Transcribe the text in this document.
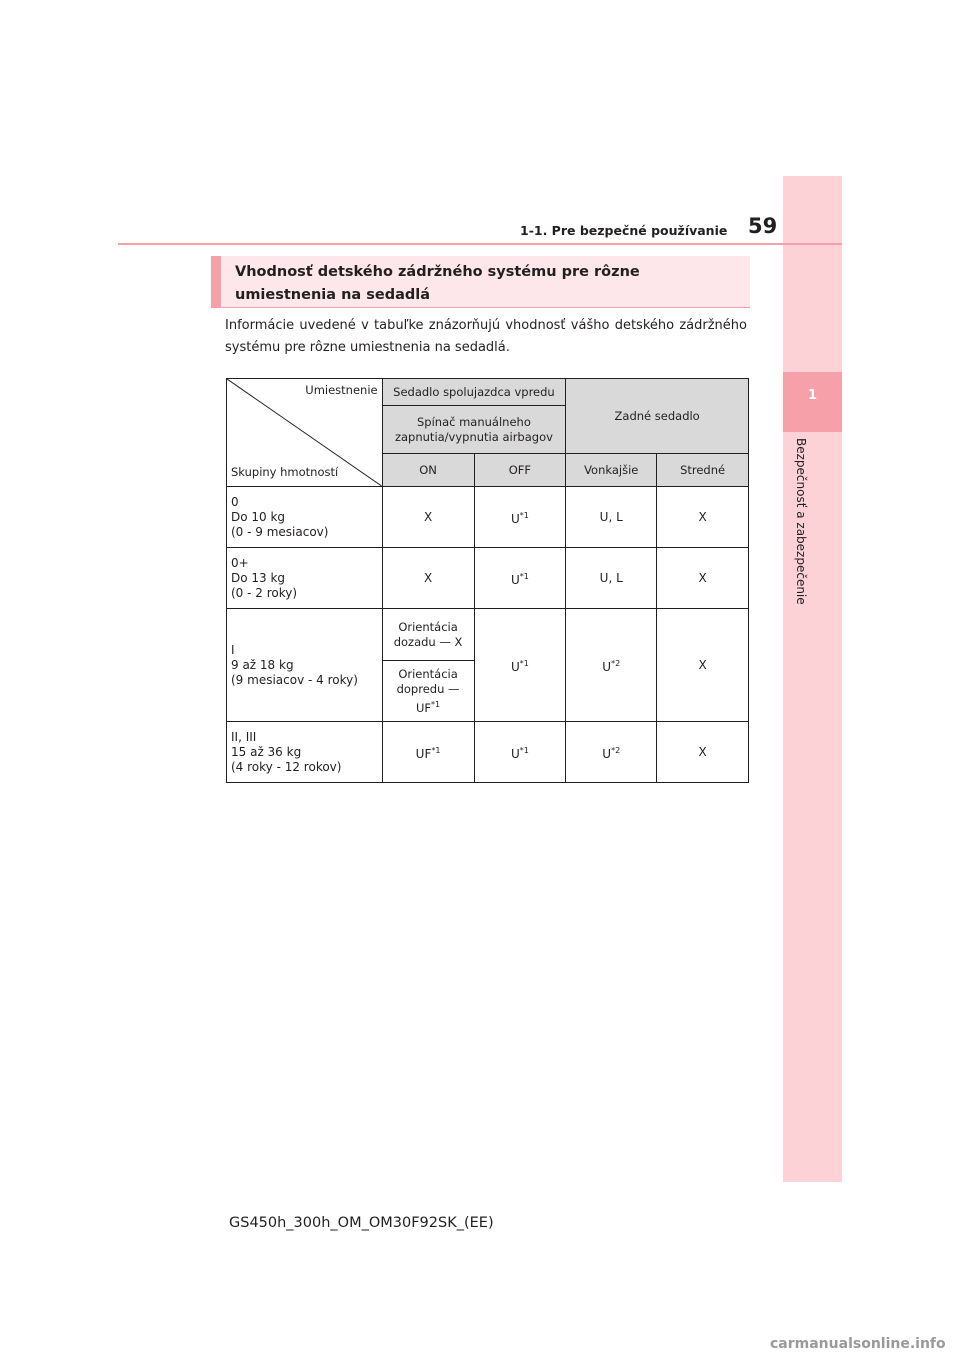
1
Bezpečnosť a zabezpečenie
1-1. Pre bezpečné používanie 59
Vhodnosť detského zádržného systému pre rôzne umiestnenia na sedadlá
Informácie uvedené v tabuľke znázorňujú vhodnosť vášho detského zádržného systému pre rôzne umiestnenia na sedadlá.
Umiestnenie
Skupiny hmotností	Sedadlo spolujazdca vpredu		Zadné sedadlo	
	Spínač manuálneho zapnutia/vypnutia airbagov			
	ON	OFF	Vonkajšie	Stredné

0
Do 10 kg
(0 - 9 mesiacov)	X	$U^{*1}$	U, L	X

0+
Do 13 kg
(0 - 2 roky)	X	$U^{*1}$	U, L	X

I
9 až 18 kg
(9 mesiacov - 4 roky)	Orientácia dozadu — X	$U^{*1}$	$U^{*2}$	X

	Orientácia dopredu —
UF$^{*1}$

II, III
15 až 36 kg
(4 roky - 12 rokov)	UF$^{*1}$	$U^{*1}$	$U^{*2}$	X
GS450h_300h_OM_OM30F92SK_(EE)
carmanualsonline.info
